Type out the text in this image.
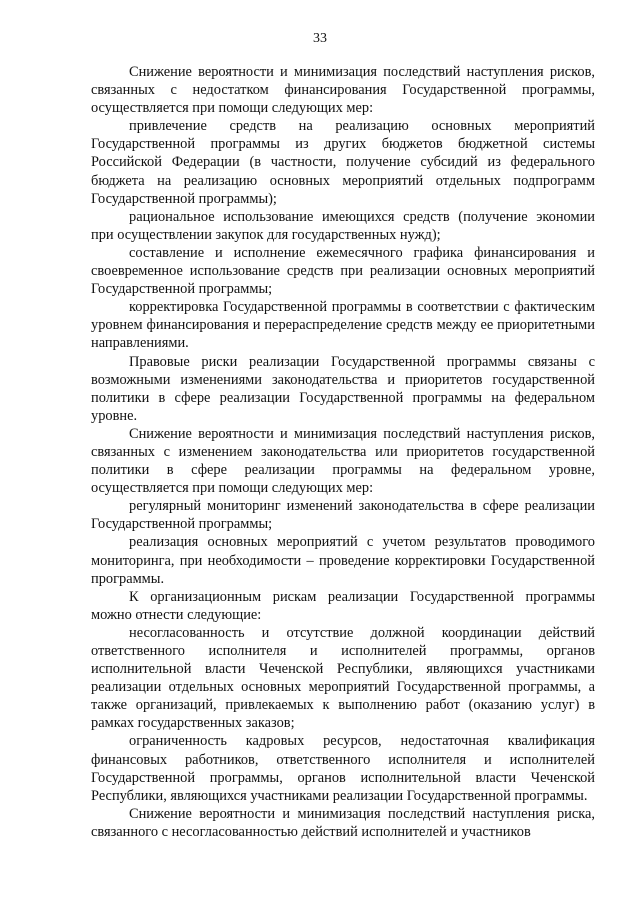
33

Снижение вероятности и минимизация последствий наступления рисков, связанных с недостатком финансирования Государственной программы, осуществляется при помощи следующих мер:

привлечение средств на реализацию основных мероприятий Государственной программы из других бюджетов бюджетной системы Российской Федерации (в частности, получение субсидий из федерального бюджета на реализацию основных мероприятий отдельных подпрограмм Государственной программы);

рациональное использование имеющихся средств (получение экономии при осуществлении закупок для государственных нужд);

составление и исполнение ежемесячного графика финансирования и своевременное использование средств при реализации основных мероприятий Государственной программы;

корректировка Государственной программы в соответствии с фактическим уровнем финансирования и перераспределение средств между ее приоритетными направлениями.

Правовые риски реализации Государственной программы связаны с возможными изменениями законодательства и приоритетов государственной политики в сфере реализации Государственной программы на федеральном уровне.

Снижение вероятности и минимизация последствий наступления рисков, связанных с изменением законодательства или приоритетов государственной политики в сфере реализации программы на федеральном уровне, осуществляется при помощи следующих мер:

регулярный мониторинг изменений законодательства в сфере реализации Государственной программы;

реализация основных мероприятий с учетом результатов проводимого мониторинга, при необходимости – проведение корректировки Государственной программы.

К организационным рискам реализации Государственной программы можно отнести следующие:

несогласованность и отсутствие должной координации действий ответственного исполнителя и исполнителей программы, органов исполнительной власти Чеченской Республики, являющихся участниками реализации отдельных основных мероприятий Государственной программы, а также организаций, привлекаемых к выполнению работ (оказанию услуг) в рамках государственных заказов;

ограниченность кадровых ресурсов, недостаточная квалификация финансовых работников, ответственного исполнителя и исполнителей Государственной программы, органов исполнительной власти Чеченской Республики, являющихся участниками реализации Государственной программы.

Снижение вероятности и минимизация последствий наступления риска, связанного с несогласованностью действий исполнителей и участников
